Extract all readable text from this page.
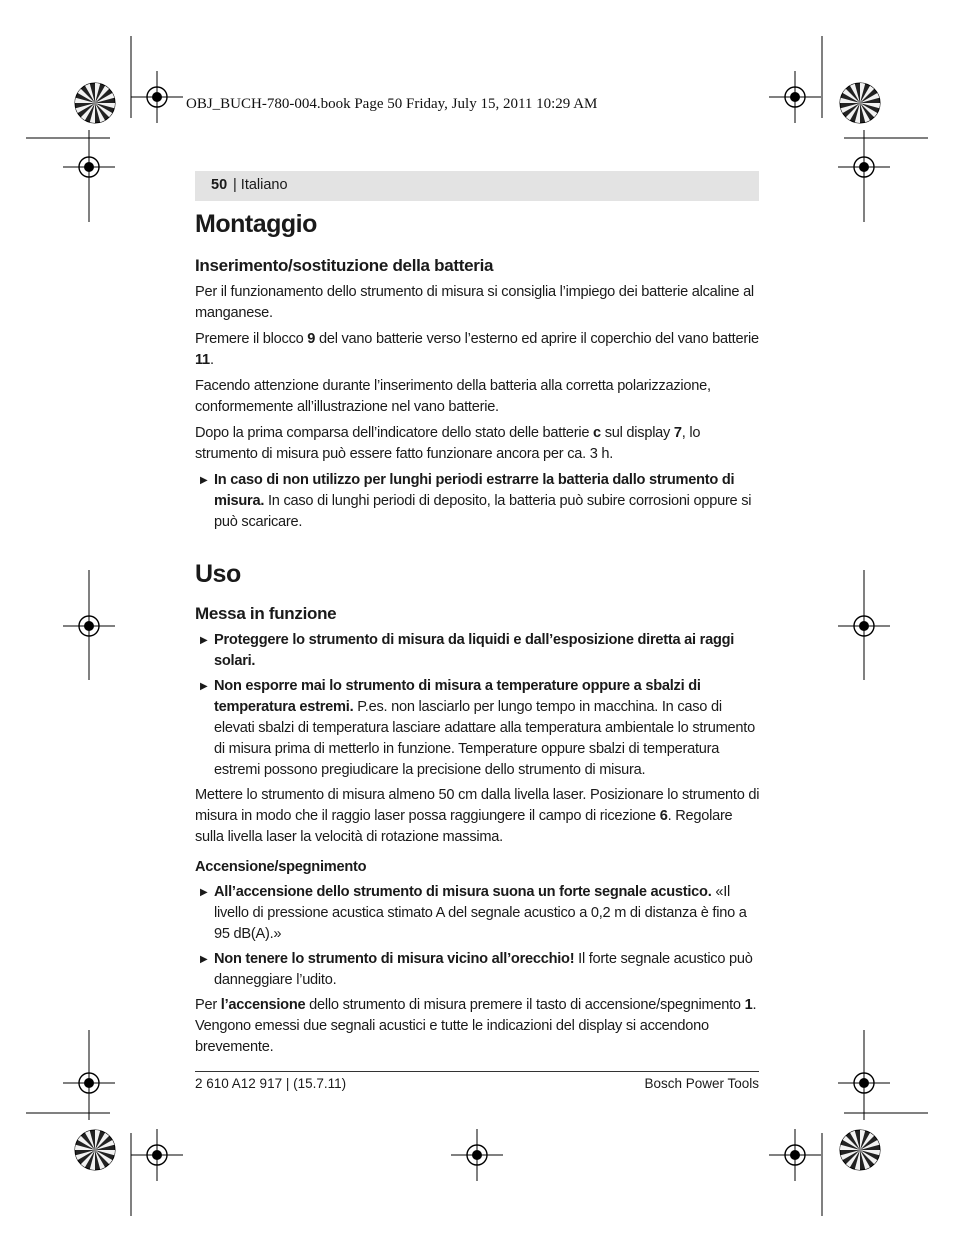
OBJ_BUCH-780-004.book Page 50 Friday, July 15, 2011 10:29 AM
50 | Italiano
Montaggio
Inserimento/sostituzione della batteria

Per il funzionamento dello strumento di misura si consiglia l’impiego dei batterie alcaline al manganese.

Premere il blocco 9 del vano batterie verso l’esterno ed aprire il coperchio del vano batterie 11.

Facendo attenzione durante l’inserimento della batteria alla corretta polarizzazione, conformemente all’illustrazione nel vano batterie.

Dopo la prima comparsa dell’indicatore dello stato delle batterie c sul display 7, lo strumento di misura può essere fatto funzionare ancora per ca. 3 h.

▶ In caso di non utilizzo per lunghi periodi estrarre la batteria dallo strumento di misura. In caso di lunghi periodi di deposito, la batteria può subire corrosioni oppure si può scaricare.
Uso
Messa in funzione
▶ Proteggere lo strumento di misura da liquidi e dall’esposizione diretta ai raggi solari.
▶ Non esporre mai lo strumento di misura a temperature oppure a sbalzi di temperatura estremi. P.es. non lasciarlo per lungo tempo in macchina. In caso di elevati sbalzi di temperatura lasciare adattare alla temperatura ambientale lo strumento di misura prima di metterlo in funzione. Temperature oppure sbalzi di temperatura estremi possono pregiudicare la precisione dello strumento di misura.

Mettere lo strumento di misura almeno 50 cm dalla livella laser. Posizionare lo strumento di misura in modo che il raggio laser possa raggiungere il campo di ricezione 6. Regolare sulla livella laser la velocità di rotazione massima.

Accensione/spegnimento
▶ All’accensione dello strumento di misura suona un forte segnale acustico. «Il livello di pressione acustica stimato A del segnale acustico a 0,2 m di distanza è fino a 95 dB(A).»
▶ Non tenere lo strumento di misura vicino all’orecchio! Il forte segnale acustico può danneggiare l’udito.

Per l’accensione dello strumento di misura premere il tasto di accensione/spegnimento 1. Vengono emessi due segnali acustici e tutte le indicazioni del display si accendono brevemente.

2 610 A12 917 | (15.7.11)	Bosch Power Tools
